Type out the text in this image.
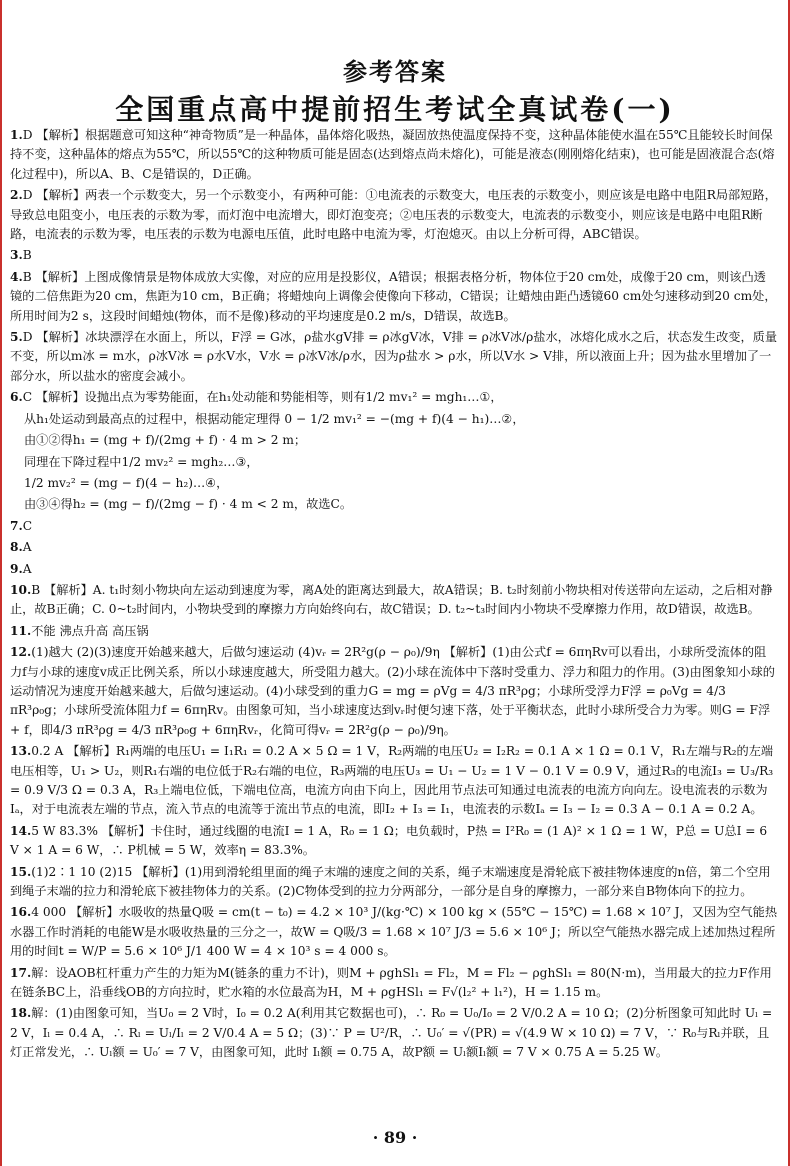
参考答案
全国重点高中提前招生考试全真试卷(一)
1.D 【解析】根据题意可知这种“神奇物质”是一种晶体，晶体熔化吸热，凝固放热使温度保持不变，这种晶体能使水温在55℃且能较长时间保持不变，这种晶体的熔点为55℃，所以55℃的这种物质可能是固态(达到熔点尚未熔化)，可能是液态(刚刚熔化结束)，也可能是固液混合态(熔化过程中)，所以A、B、C是错误的，D正确。
2.D 【解析】两表一个示数变大，另一个示数变小，有两种可能：①电流表的示数变大，电压表的示数变小，则应该是电路中电阻R局部短路，导致总电阻变小，电压表的示数为零，而灯泡中电流增大，即灯泡变亮；②电压表的示数变大，电流表的示数变小，则应该是电路中电阻R断路，电流表的示数为零，电压表的示数为电源电压值，此时电路中电流为零，灯泡熄灭。由以上分析可得，ABC错误。
3.B
4.B 【解析】上图成像情景是物体成放大实像，对应的应用是投影仪，A错误；根据表格分析，物体位于20 cm处，成像于20 cm，则该凸透镜的二倍焦距为20 cm，焦距为10 cm，B正确；将蜡烛向上调像会使像向下移动，C错误；让蜡烛由距凸透镜60 cm处匀速移动到20 cm处，所用时间为2 s，这段时间蜡烛(物体，而不是像)移动的平均速度是0.2 m/s，D错误，故选B。
5.D 【解析】冰块漂浮在水面上，所以，F浮 = G冰，ρ盐水gV排 = ρ冰gV冰，V排 = ρ冰V冰/ρ盐水，冰熔化成水之后，状态发生改变，质量不变，所以m冰 = m水，ρ冰V冰 = ρ水V水，V水 = ρ冰V冰/ρ水，因为ρ盐水 > ρ水，所以V水 > V排，所以液面上升；因为盐水里增加了一部分水，所以盐水的密度会减小。
6.C 【解析】设抛出点为零势能面，在h₁处动能和势能相等，则有1/2 mv₁² = mgh₁…①，
从h₁处运动到最高点的过程中，根据动能定理得 0 − 1/2 mv₁² = −(mg + f)(4 − h₁)…②，
由①②得h₁ = (mg + f)/(2mg + f) · 4 m > 2 m；
同理在下降过程中1/2 mv₂² = mgh₂…③，
1/2 mv₂² = (mg − f)(4 − h₂)…④，
由③④得h₂ = (mg − f)/(2mg − f) · 4 m < 2 m，故选C。
7.C
8.A
9.A
10.B 【解析】A. t₁时刻小物块向左运动到速度为零，离A处的距离达到最大，故A错误；B. t₂时刻前小物块相对传送带向左运动，之后相对静止，故B正确；C. 0~t₂时间内，小物块受到的摩擦力方向始终向右，故C错误；D. t₂~t₃时间内小物块不受摩擦力作用，故D错误，故选B。
11.不能 沸点升高 高压锅
12.(1)越大 (2)(3)速度开始越来越大，后做匀速运动 (4)vᵣ = 2R²g(ρ − ρ₀)/9η 【解析】(1)由公式f = 6πηRv可以看出，小球所受流体的阻力f与小球的速度v成正比例关系，所以小球速度越大，所受阻力越大。(2)小球在流体中下落时受重力、浮力和阻力的作用。(3)由图象知小球的运动情况为速度开始越来越大，后做匀速运动。(4)小球受到的重力G = mg = ρVg = 4/3 πR³ρg；小球所受浮力F浮 = ρ₀Vg = 4/3 πR³ρ₀g；小球所受流体阻力f = 6πηRv。由图象可知，当小球速度达到vᵣ时便匀速下落，处于平衡状态，此时小球所受合力为零。则G = F浮 + f，即4/3 πR³ρg = 4/3 πR³ρ₀g + 6πηRvᵣ，化简可得vᵣ = 2R²g(ρ − ρ₀)/9η。
13.0.2 A 【解析】R₁两端的电压U₁ = I₁R₁ = 0.2 A × 5 Ω = 1 V，R₂两端的电压U₂ = I₂R₂ = 0.1 A × 1 Ω = 0.1 V，R₁左端与R₂的左端电压相等，U₁ > U₂，则R₁右端的电位低于R₂右端的电位，R₃两端的电压U₃ = U₁ − U₂ = 1 V − 0.1 V = 0.9 V，通过R₃的电流I₃ = U₃/R₃ = 0.9 V/3 Ω = 0.3 A，R₃上端电位低，下端电位高，电流方向由下向上，因此用节点法可知通过电流表的电流方向向左。设电流表的示数为Iₐ，对于电流表左端的节点，流入节点的电流等于流出节点的电流，即I₂ + I₃ = I₁，电流表的示数Iₐ = I₃ − I₂ = 0.3 A − 0.1 A = 0.2 A。
14.5 W 83.3% 【解析】卡住时，通过线圈的电流I = 1 A，R₀ = 1 Ω；电负载时，P热 = I²R₀ = (1 A)² × 1 Ω = 1 W，P总 = U总I = 6 V × 1 A = 6 W，∴ P机械 = 5 W，效率η = 83.3%。
15.(1)2∶1 10 (2)15 【解析】(1)用到滑轮组里面的绳子末端的速度之间的关系，绳子末端速度是滑轮底下被挂物体速度的n倍，第二个空用到绳子末端的拉力和滑轮底下被挂物体力的关系。(2)C物体受到的拉力分两部分，一部分是自身的摩擦力，一部分来自B物体向下的拉力。
16.4 000 【解析】水吸收的热量Q吸 = cm(t − t₀) = 4.2 × 10³ J/(kg·℃) × 100 kg × (55℃ − 15℃) = 1.68 × 10⁷ J，又因为空气能热水器工作时消耗的电能W是水吸收热量的三分之一，故W = Q吸/3 = 1.68 × 10⁷ J/3 = 5.6 × 10⁶ J；所以空气能热水器完成上述加热过程所用的时间t = W/P = 5.6 × 10⁶ J/1 400 W = 4 × 10³ s = 4 000 s。
17.解：设AOB杠杆重力产生的力矩为M(链条的重力不计)，则M + ρghSl₁ = Fl₂，M = Fl₂ − ρghSl₁ = 80(N·m)，当用最大的拉力F作用在链条BC上，沿垂线OB的方向拉时，贮水箱的水位最高为H，M + ρgHSl₁ = F√(l₂² + l₁²)，H = 1.15 m。
18.解：(1)由图象可知，当U₀ = 2 V时，I₀ = 0.2 A(利用其它数据也可)，∴ R₀ = U₀/I₀ = 2 V/0.2 A = 10 Ω；(2)分析图象可知此时 Uₗ = 2 V，Iₗ = 0.4 A，∴ Rₗ = Uₗ/Iₗ = 2 V/0.4 A = 5 Ω；(3)∵ P = U²/R，∴ U₀′ = √(PR) = √(4.9 W × 10 Ω) = 7 V，∵ R₀与Rₗ并联，且灯正常发光，∴ Uₗ额 = U₀′ = 7 V，由图象可知，此时 Iₗ额 = 0.75 A，故P额 = Uₗ额Iₗ额 = 7 V × 0.75 A = 5.25 W。
· 89 ·
